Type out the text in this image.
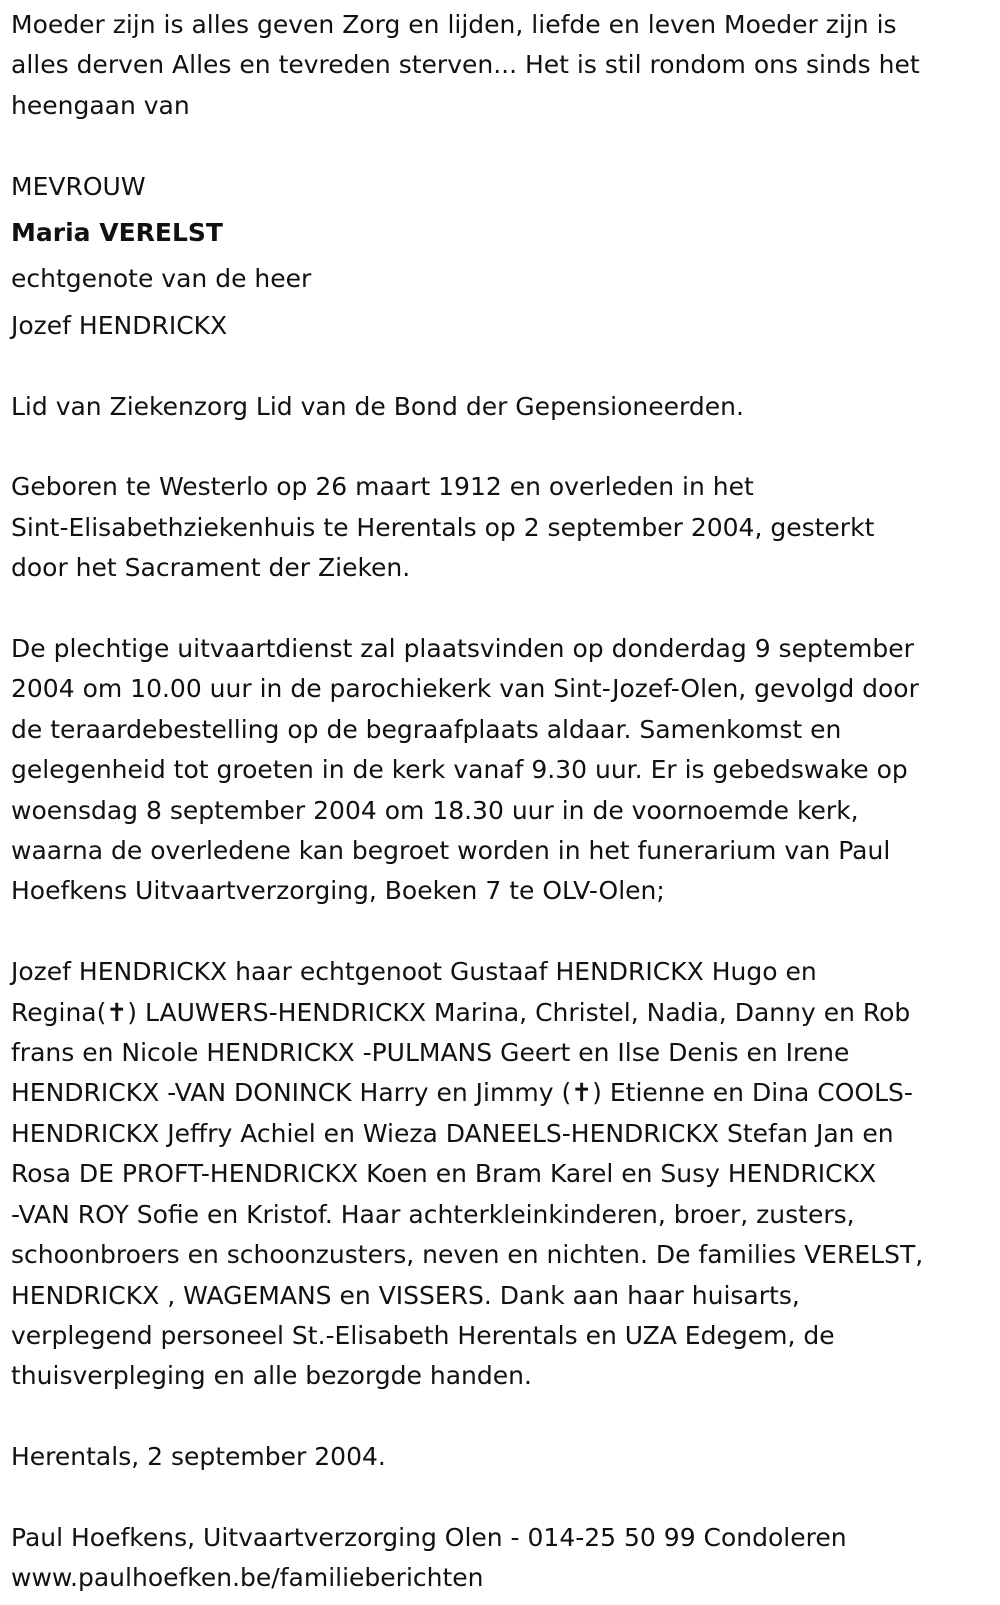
Moeder zijn is alles geven Zorg en lijden, liefde en leven Moeder zijn is
alles derven Alles en tevreden sterven... Het is stil rondom ons sinds het
heengaan van

MEVROUW

Maria VERELST

echtgenote van de heer

Jozef HENDRICKX

Lid van Ziekenzorg Lid van de Bond der Gepensioneerden.

Geboren te Westerlo op 26 maart 1912 en overleden in het
Sint-Elisabethziekenhuis te Herentals op 2 september 2004, gesterkt
door het Sacrament der Zieken.

De plechtige uitvaartdienst zal plaatsvinden op donderdag 9 september
2004 om 10.00 uur in de parochiekerk van Sint-Jozef-Olen, gevolgd door
de teraardebestelling op de begraafplaats aldaar. Samenkomst en
gelegenheid tot groeten in de kerk vanaf 9.30 uur. Er is gebedswake op
woensdag 8 september 2004 om 18.30 uur in de voornoemde kerk,
waarna de overledene kan begroet worden in het funerarium van Paul
Hoefkens Uitvaartverzorging, Boeken 7 te OLV-Olen;

Jozef HENDRICKX haar echtgenoot Gustaaf HENDRICKX Hugo en
Regina(✝) LAUWERS-HENDRICKX Marina, Christel, Nadia, Danny en Rob
frans en Nicole HENDRICKX -PULMANS Geert en Ilse Denis en Irene
HENDRICKX -VAN DONINCK Harry en Jimmy (✝) Etienne en Dina COOLS-
HENDRICKX Jeffry Achiel en Wieza DANEELS-HENDRICKX Stefan Jan en
Rosa DE PROFT-HENDRICKX Koen en Bram Karel en Susy HENDRICKX
-VAN ROY Sofie en Kristof. Haar achterkleinkinderen, broer, zusters,
schoonbroers en schoonzusters, neven en nichten. De families VERELST,
HENDRICKX , WAGEMANS en VISSERS. Dank aan haar huisarts,
verplegend personeel St.-Elisabeth Herentals en UZA Edegem, de
thuisverpleging en alle bezorgde handen.

Herentals, 2 september 2004.

Paul Hoefkens, Uitvaartverzorging Olen - 014-25 50 99 Condoleren
www.paulhoefken.be/familieberichten
